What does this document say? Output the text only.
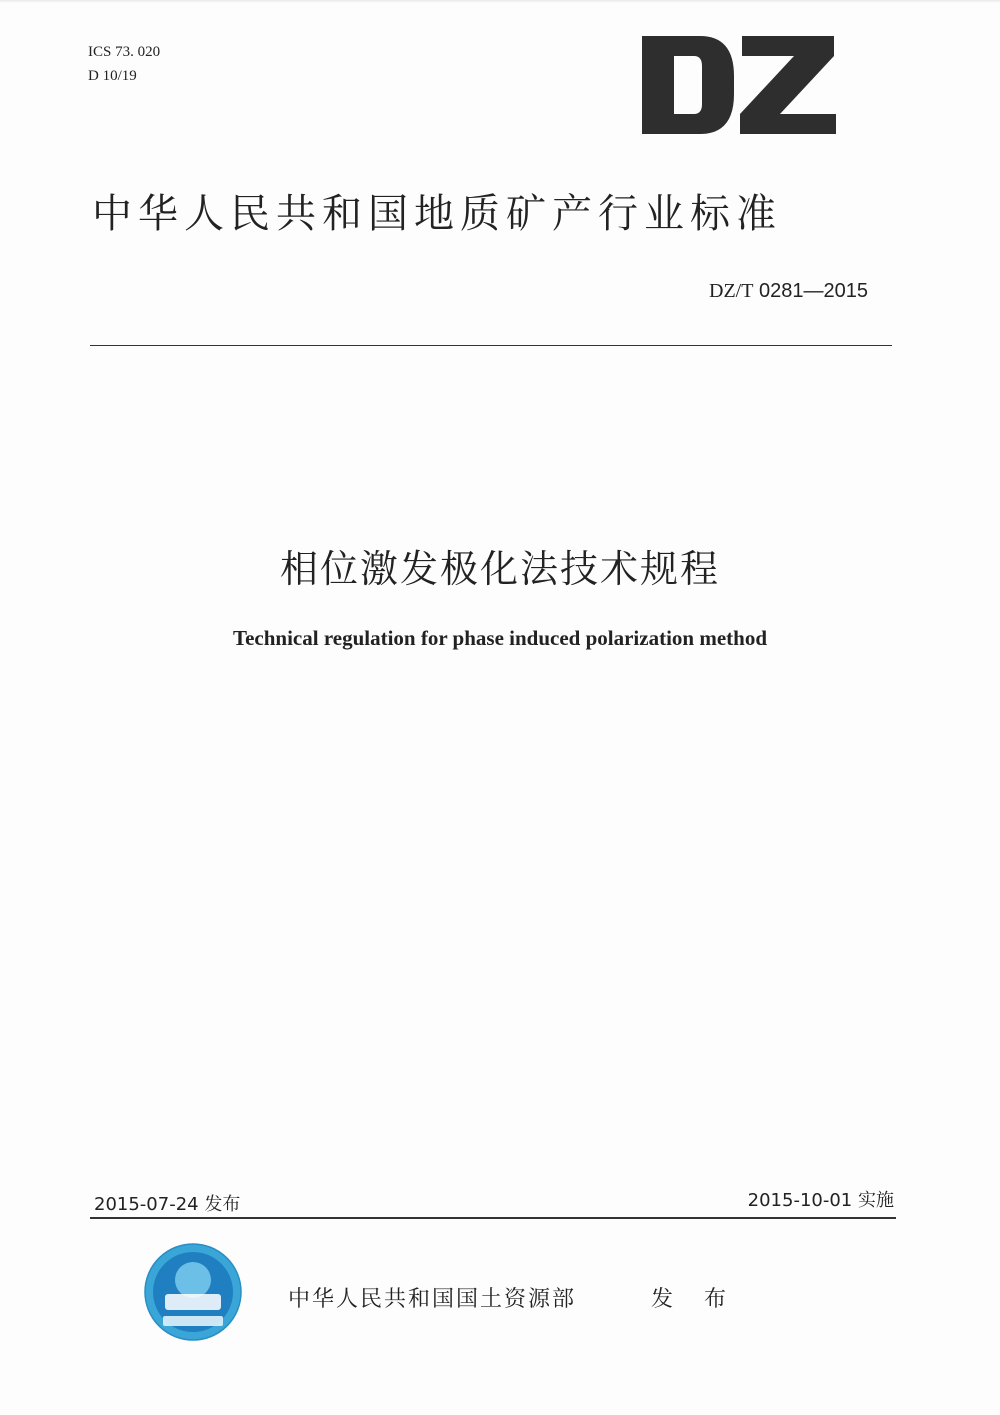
ICS 73. 020
D 10/19
中华人民共和国地质矿产行业标准
DZ/T 0281—2015
相位激发极化法技术规程
Technical regulation for phase induced polarization method
2015-07-24 发布	2015-10-01 实施
中华人民共和国国土资源部	发 布
